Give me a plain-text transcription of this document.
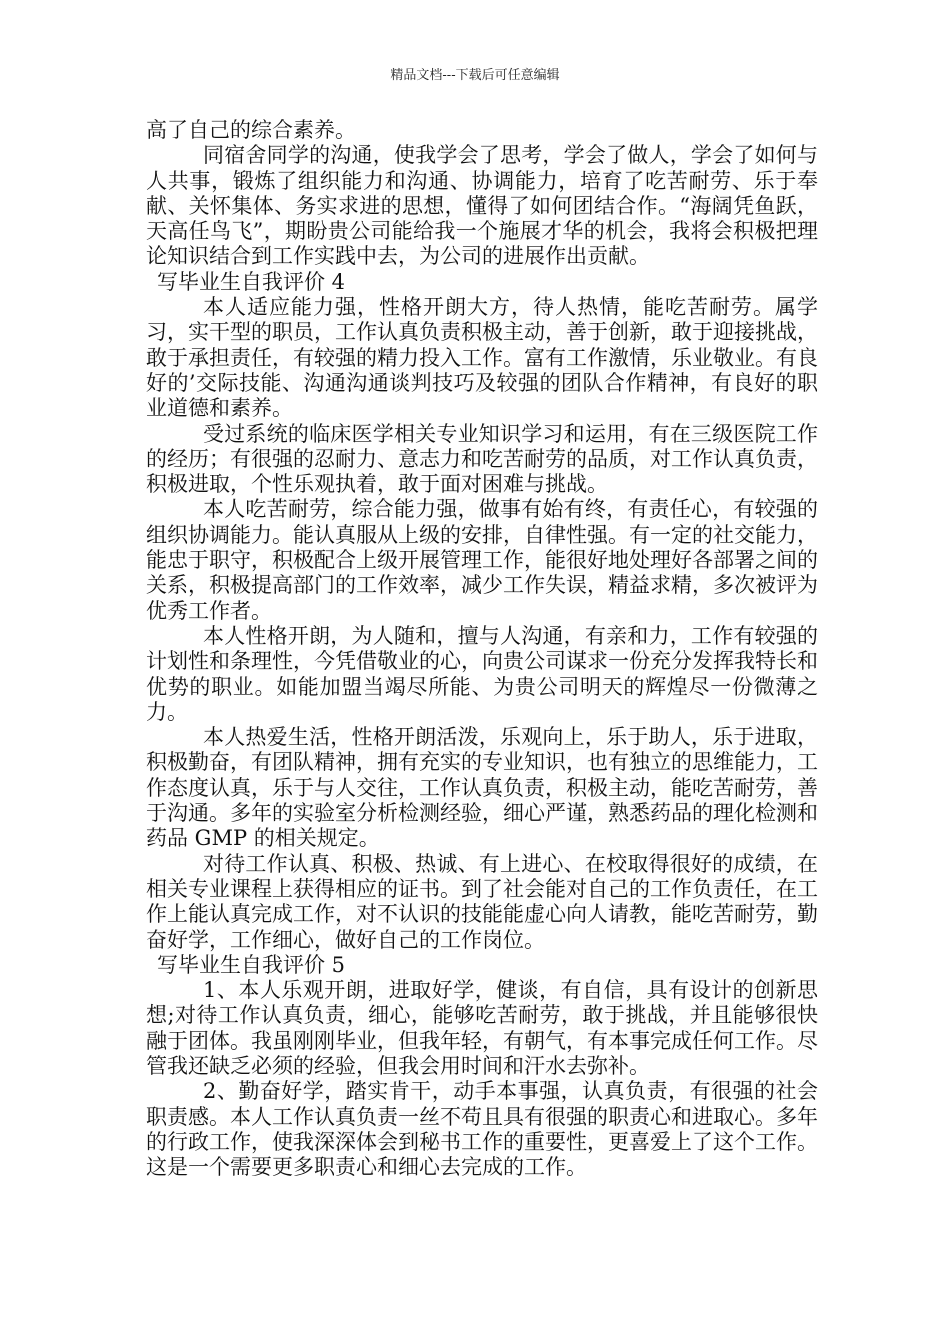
精品文档---下载后可任意编辑

高了自己的综合素养。

同宿舍同学的沟通，使我学会了思考，学会了做人，学会了如何与人共事，锻炼了组织能力和沟通、协调能力，培育了吃苦耐劳、乐于奉献、关怀集体、务实求进的思想，懂得了如何团结合作。“海阔凭鱼跃，天高任鸟飞”，期盼贵公司能给我一个施展才华的机会，我将会积极把理论知识结合到工作实践中去，为公司的进展作出贡献。

写毕业生自我评价 4

本人适应能力强，性格开朗大方，待人热情，能吃苦耐劳。属学习，实干型的职员，工作认真负责积极主动，善于创新，敢于迎接挑战，敢于承担责任，有较强的精力投入工作。富有工作激情，乐业敬业。有良好的’交际技能、沟通沟通谈判技巧及较强的团队合作精神，有良好的职业道德和素养。

受过系统的临床医学相关专业知识学习和运用，有在三级医院工作的经历；有很强的忍耐力、意志力和吃苦耐劳的品质，对工作认真负责，积极进取，个性乐观执着，敢于面对困难与挑战。

本人吃苦耐劳，综合能力强，做事有始有终，有责任心，有较强的组织协调能力。能认真服从上级的安排，自律性强。有一定的社交能力，能忠于职守，积极配合上级开展管理工作，能很好地处理好各部署之间的关系，积极提高部门的工作效率，减少工作失误，精益求精，多次被评为优秀工作者。

本人性格开朗，为人随和，擅与人沟通，有亲和力，工作有较强的计划性和条理性，今凭借敬业的心，向贵公司谋求一份充分发挥我特长和优势的职业。如能加盟当竭尽所能、为贵公司明天的辉煌尽一份微薄之力。

本人热爱生活，性格开朗活泼，乐观向上，乐于助人，乐于进取，积极勤奋，有团队精神，拥有充实的专业知识，也有独立的思维能力，工作态度认真，乐于与人交往，工作认真负责，积极主动，能吃苦耐劳，善于沟通。多年的实验室分析检测经验，细心严谨，熟悉药品的理化检测和药品 GMP 的相关规定。

对待工作认真、积极、热诚、有上进心、在校取得很好的成绩，在相关专业课程上获得相应的证书。到了社会能对自己的工作负责任，在工作上能认真完成工作，对不认识的技能能虚心向人请教，能吃苦耐劳，勤奋好学，工作细心，做好自己的工作岗位。

写毕业生自我评价 5

1、本人乐观开朗，进取好学，健谈，有自信，具有设计的创新思想;对待工作认真负责，细心，能够吃苦耐劳，敢于挑战，并且能够很快融于团体。我虽刚刚毕业，但我年轻，有朝气，有本事完成任何工作。尽管我还缺乏必须的经验，但我会用时间和汗水去弥补。

2、勤奋好学，踏实肯干，动手本事强，认真负责，有很强的社会职责感。本人工作认真负责一丝不苟且具有很强的职责心和进取心。多年的行政工作，使我深深体会到秘书工作的重要性，更喜爱上了这个工作。这是一个需要更多职责心和细心去完成的工作。
